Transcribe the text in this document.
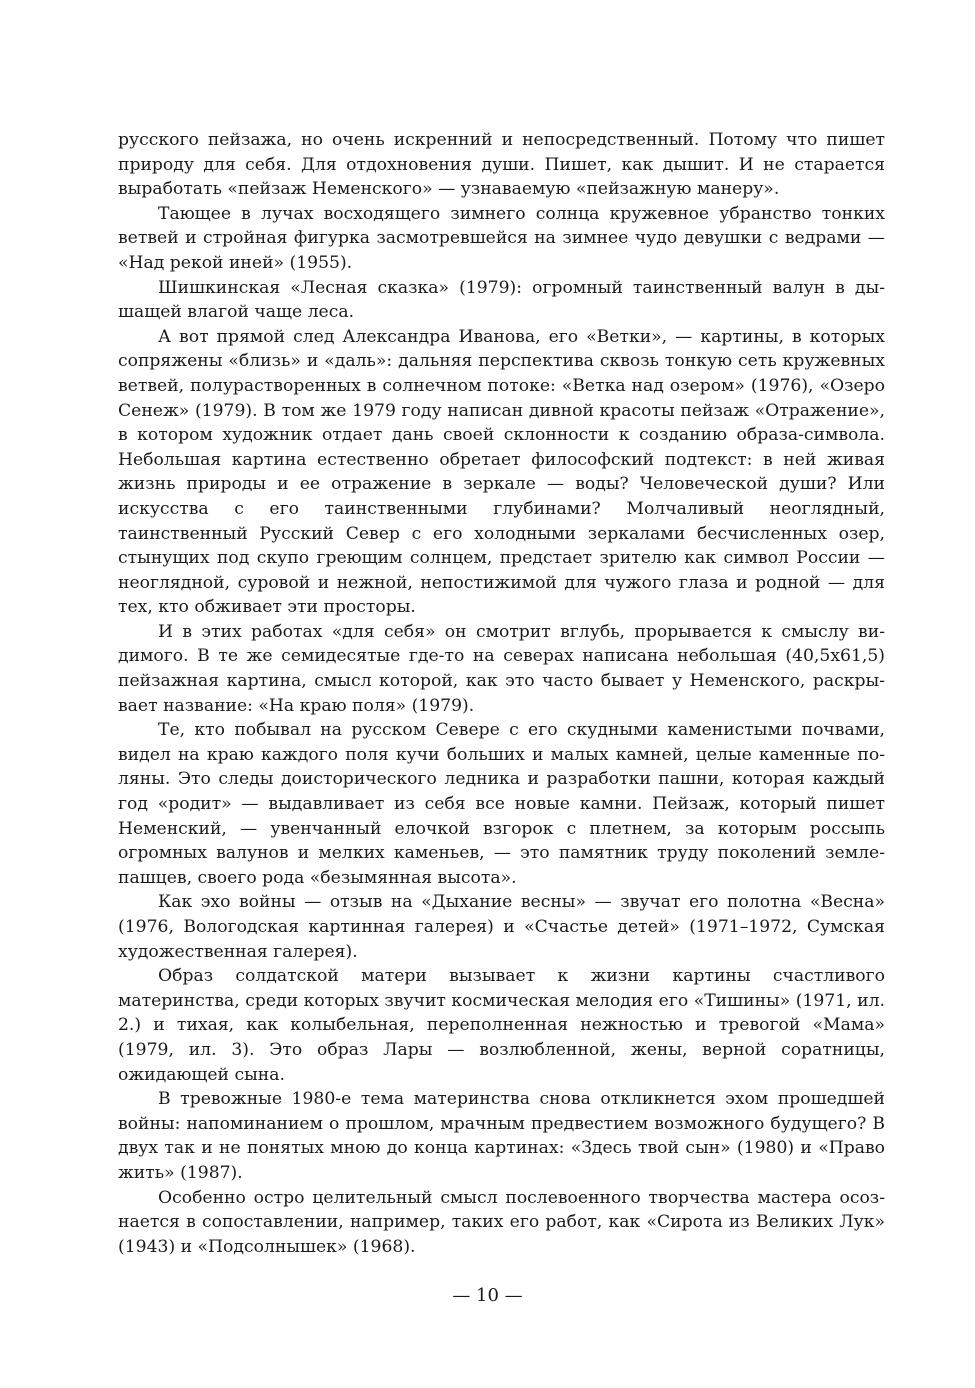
русского пейзажа, но очень искренний и непосредственный. Потому что пишет природу для себя. Для отдохновения души. Пишет, как дышит. И не старается выработать «пейзаж Неменского» — узнаваемую «пейзажную манеру».

Тающее в лучах восходящего зимнего солнца кружевное убранство тонких ветвей и стройная фигурка засмотревшейся на зимнее чудо девушки с ведрами — «Над рекой иней» (1955).

Шишкинская «Лесная сказка» (1979): огромный таинственный валун в дышащей влагой чаще леса.

А вот прямой след Александра Иванова, его «Ветки», — картины, в которых сопряжены «близь» и «даль»: дальняя перспектива сквозь тонкую сеть кружевных ветвей, полурастворенных в солнечном потоке: «Ветка над озером» (1976), «Озеро Сенеж» (1979). В том же 1979 году написан дивной красоты пейзаж «Отражение», в котором художник отдает дань своей склонности к созданию образа-символа. Небольшая картина естественно обретает философский подтекст: в ней живая жизнь природы и ее отражение в зеркале — воды? Человеческой души? Или искусства с его таинственными глубинами? Молчаливый неоглядный, таинственный Русский Север с его холодными зеркалами бесчисленных озер, стынущих под скупо греющим солнцем, предстает зрителю как символ России — неоглядной, суровой и нежной, непостижимой для чужого глаза и родной — для тех, кто обживает эти просторы.

И в этих работах «для себя» он смотрит вглубь, прорывается к смыслу видимого. В те же семидесятые где-то на северах написана небольшая (40,5х61,5) пейзажная картина, смысл которой, как это часто бывает у Неменского, раскрывает название: «На краю поля» (1979).

Те, кто побывал на русском Севере с его скудными каменистыми почвами, видел на краю каждого поля кучи больших и малых камней, целые каменные поляны. Это следы доисторического ледника и разработки пашни, которая каждый год «родит» — выдавливает из себя все новые камни. Пейзаж, который пишет Неменский, — увенчанный елочкой взгорок с плетнем, за которым россыпь огромных валунов и мелких каменьев, — это памятник труду поколений землепашцев, своего рода «безымянная высота».

Как эхо войны — отзыв на «Дыхание весны» — звучат его полотна «Весна» (1976, Вологодская картинная галерея) и «Счастье детей» (1971–1972, Сумская художественная галерея).

Образ солдатской матери вызывает к жизни картины счастливого материнства, среди которых звучит космическая мелодия его «Тишины» (1971, ил. 2.) и тихая, как колыбельная, переполненная нежностью и тревогой «Мама» (1979, ил. 3). Это образ Лары — возлюбленной, жены, верной соратницы, ожидающей сына.

В тревожные 1980-е тема материнства снова откликнется эхом прошедшей войны: напоминанием о прошлом, мрачным предвестием возможного будущего? В двух так и не понятых мною до конца картинах: «Здесь твой сын» (1980) и «Право жить» (1987).

Особенно остро целительный смысл послевоенного творчества мастера осознается в сопоставлении, например, таких его работ, как «Сирота из Великих Лук» (1943) и «Подсолнышек» (1968).

— 10 —
